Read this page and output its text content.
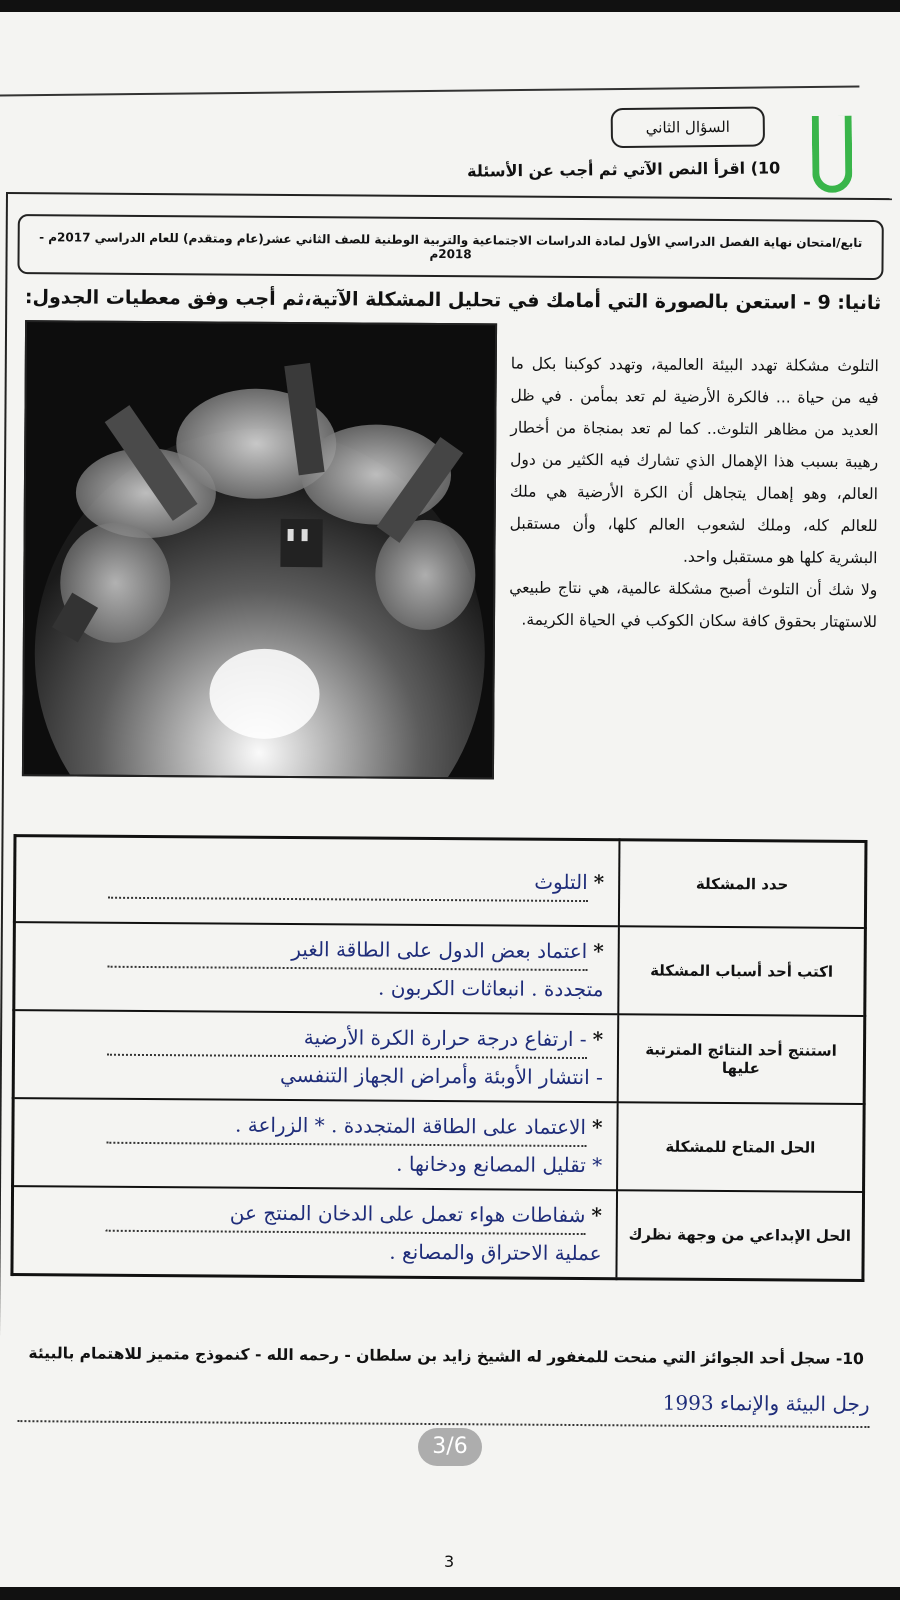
السؤال الثاني
10) اقرأ النص الآتي ثم أجب عن الأسئلة
تابع/امتحان نهاية الفصل الدراسي الأول لمادة الدراسات الاجتماعية والتربية الوطنية للصف الثاني عشر(عام ومتقدم) للعام الدراسي 2017م - 2018م
ثانيا: 9 - استعن بالصورة التي أمامك في تحليل المشكلة الآتية،ثم أجب وفق معطيات الجدول:
التلوث مشكلة تهدد البيئة العالمية، وتهدد كوكبنا بكل ما فيه من حياة ... فالكرة الأرضية لم تعد بمأمن . في ظل العديد من مظاهر التلوث.. كما لم تعد بمنجاة من أخطار رهيبة بسبب هذا الإهمال الذي تشارك فيه الكثير من دول العالم، وهو إهمال يتجاهل أن الكرة الأرضية هي ملك للعالم كله، وملك لشعوب العالم كلها، وأن مستقبل البشرية كلها هو مستقبل واحد.
ولا شك أن التلوث أصبح مشكلة عالمية، هي نتاج طبيعي للاستهتار بحقوق كافة سكان الكوكب في الحياة الكريمة.
حدد المشكلة	*التلوث
اكتب أحد أسباب المشكلة	*اعتماد بعض الدول على الطاقة الغير
متجددة . انبعاثات الكربون .

استنتج أحد النتائج المترتبة عليها	*- ارتفاع درجة حرارة الكرة الأرضية
- انتشار الأوبئة وأمراض الجهاز التنفسي

الحل المتاح للمشكلة	*الاعتماد على الطاقة المتجددة . * الزراعة .
* تقليل المصانع ودخانها .

الحل الإبداعي من وجهة نظرك	*شفاطات هواء تعمل على الدخان المنتج عن
عملية الاحتراق والمصانع .
10- سجل أحد الجوائز التي منحت للمغفور له الشيخ زايد بن سلطان - رحمه الله - كنموذج متميز للاهتمام بالبيئة
رجل البيئة والإنماء 1993
3/6
3
